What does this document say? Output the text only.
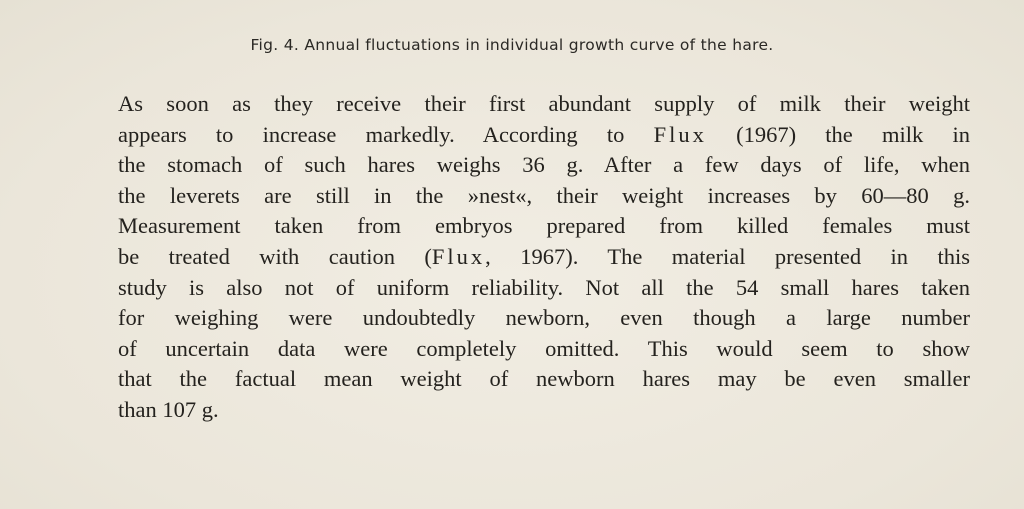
Fig. 4. Annual fluctuations in individual growth curve of the hare.
As soon as they receive their first abundant supply of milk their weight
appears to increase markedly. According to Flux (1967) the milk in
the stomach of such hares weighs 36 g. After a few days of life, when
the leverets are still in the »nest«, their weight increases by 60—80 g.
Measurement taken from embryos prepared from killed females must
be treated with caution (Flux, 1967). The material presented in this
study is also not of uniform reliability. Not all the 54 small hares taken
for weighing were undoubtedly newborn, even though a large number
of uncertain data were completely omitted. This would seem to show
that the factual mean weight of newborn hares may be even smaller
than 107 g.
